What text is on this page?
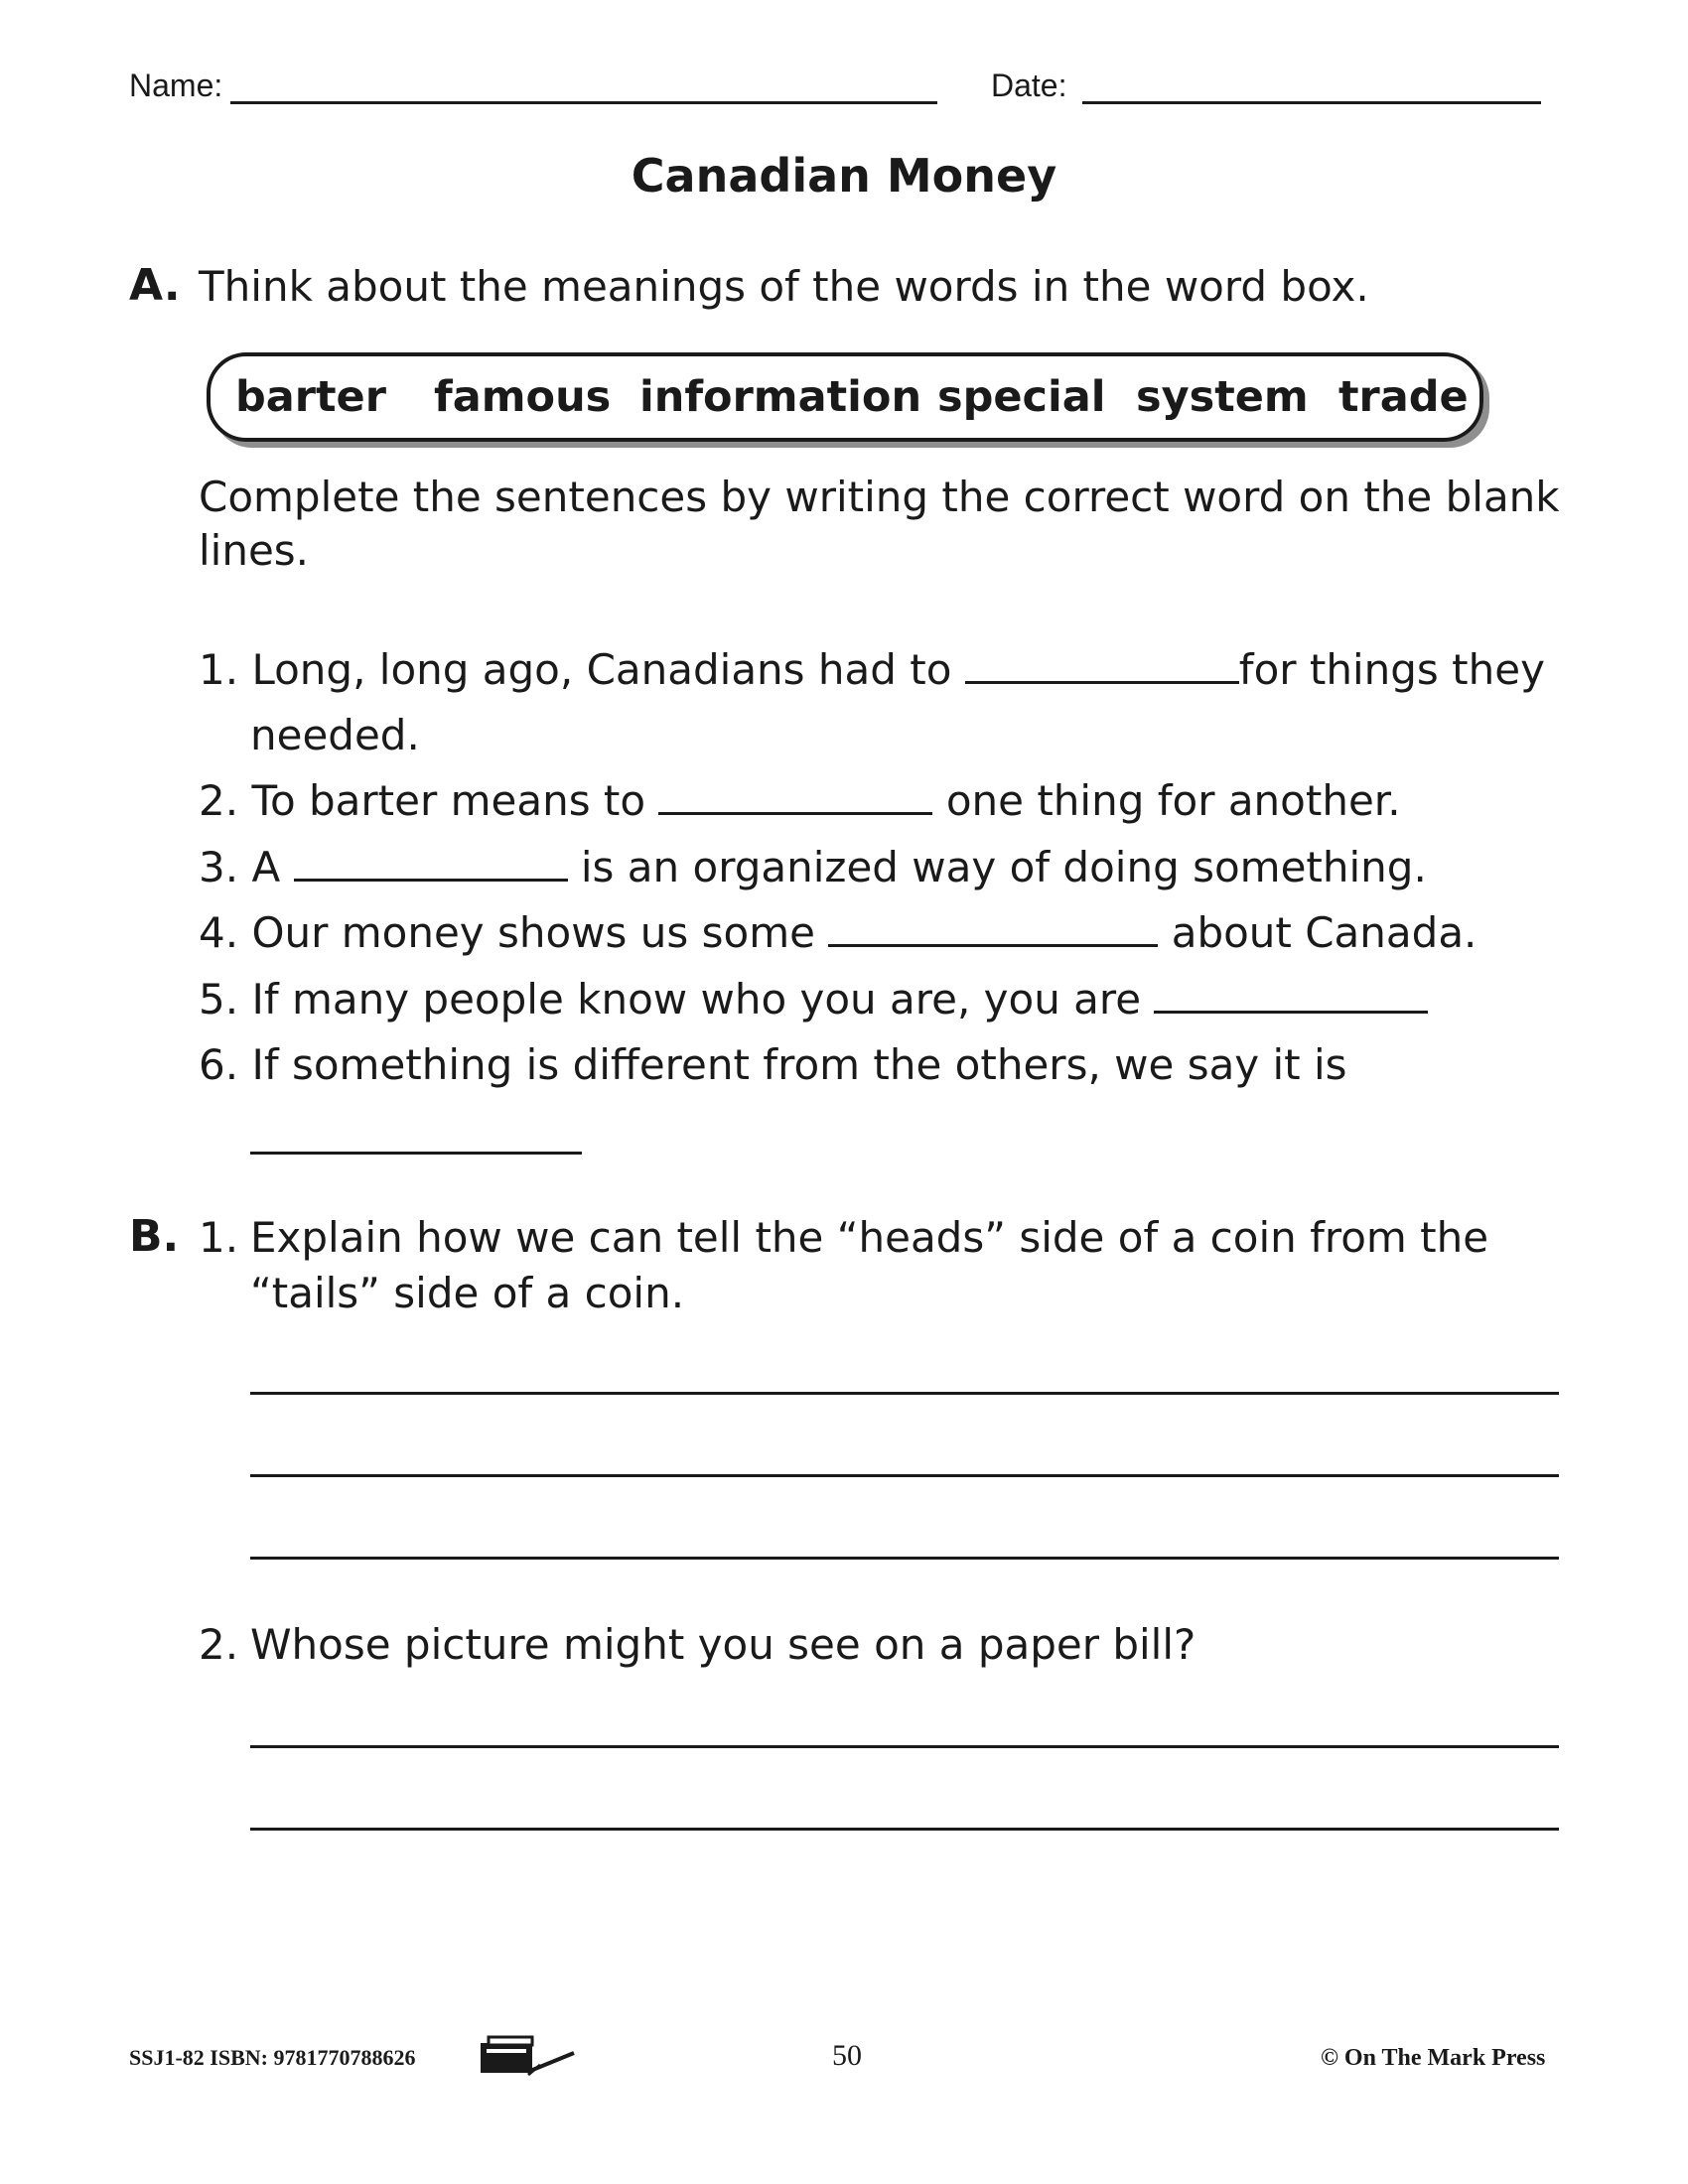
Name:	Date:
Canadian Money
A. Think about the meanings of the words in the word box.
barter famous information special system trade
Complete the sentences by writing the correct word on the blank
lines.
1. Long, long ago, Canadians had to	for things they
needed.
2. To barter means to	one thing for another.
3. A	is an organized way of doing something.
4. Our money shows us some	about Canada.
5. If many people know who you are, you are
6. If something is different from the others, we say it is
B. 1. Explain how we can tell the “heads” side of a coin from the
“tails” side of a coin.
2. Whose picture might you see on a paper bill?
SSJ1-82 ISBN: 9781770788626	50	© On The Mark Press
